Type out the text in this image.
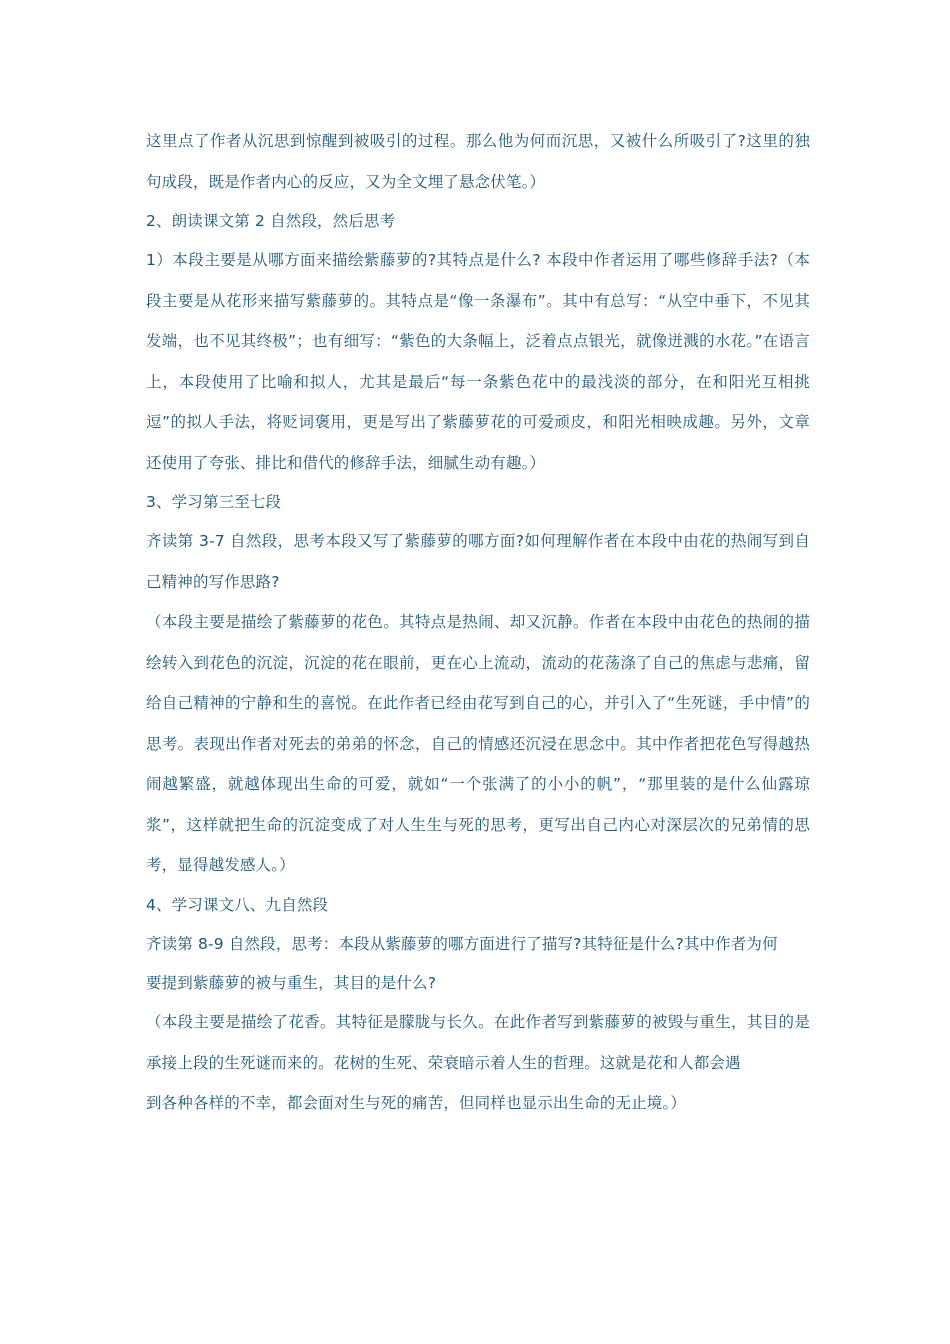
这里点了作者从沉思到惊醒到被吸引的过程。那么他为何而沉思，又被什么所吸引了?这里的独句成段，既是作者内心的反应，又为全文埋了悬念伏笔。）

2、朗读课文第 2 自然段，然后思考

1）本段主要是从哪方面来描绘紫藤萝的?其特点是什么? 本段中作者运用了哪些修辞手法?（本段主要是从花形来描写紫藤萝的。其特点是“像一条瀑布”。其中有总写：“从空中垂下，不见其发端，也不见其终极”；也有细写：“紫色的大条幅上，泛着点点银光，就像迸溅的水花。”在语言上，本段使用了比喻和拟人，尤其是最后“每一条紫色花中的最浅淡的部分，在和阳光互相挑逗”的拟人手法，将贬词褒用，更是写出了紫藤萝花的可爱顽皮，和阳光相映成趣。另外，文章还使用了夸张、排比和借代的修辞手法，细腻生动有趣。）

3、学习第三至七段

齐读第 3-7 自然段，思考本段又写了紫藤萝的哪方面?如何理解作者在本段中由花的热闹写到自己精神的写作思路?

（本段主要是描绘了紫藤萝的花色。其特点是热闹、却又沉静。作者在本段中由花色的热闹的描绘转入到花色的沉淀，沉淀的花在眼前，更在心上流动，流动的花荡涤了自己的焦虑与悲痛，留给自己精神的宁静和生的喜悦。在此作者已经由花写到自己的心，并引入了“生死谜，手中情”的思考。表现出作者对死去的弟弟的怀念，自己的情感还沉浸在思念中。其中作者把花色写得越热闹越繁盛，就越体现出生命的可爱，就如“一个张满了的小小的帆”，“那里装的是什么仙露琼浆”，这样就把生命的沉淀变成了对人生生与死的思考，更写出自己内心对深层次的兄弟情的思考，显得越发感人。）

4、学习课文八、九自然段

齐读第 8-9 自然段，思考：本段从紫藤萝的哪方面进行了描写?其特征是什么?其中作者为何

要提到紫藤萝的被与重生，其目的是什么?

（本段主要是描绘了花香。其特征是朦胧与长久。在此作者写到紫藤萝的被毁与重生，其目的是承接上段的生死谜而来的。花树的生死、荣衰暗示着人生的哲理。这就是花和人都会遇

到各种各样的不幸，都会面对生与死的痛苦，但同样也显示出生命的无止境。）
